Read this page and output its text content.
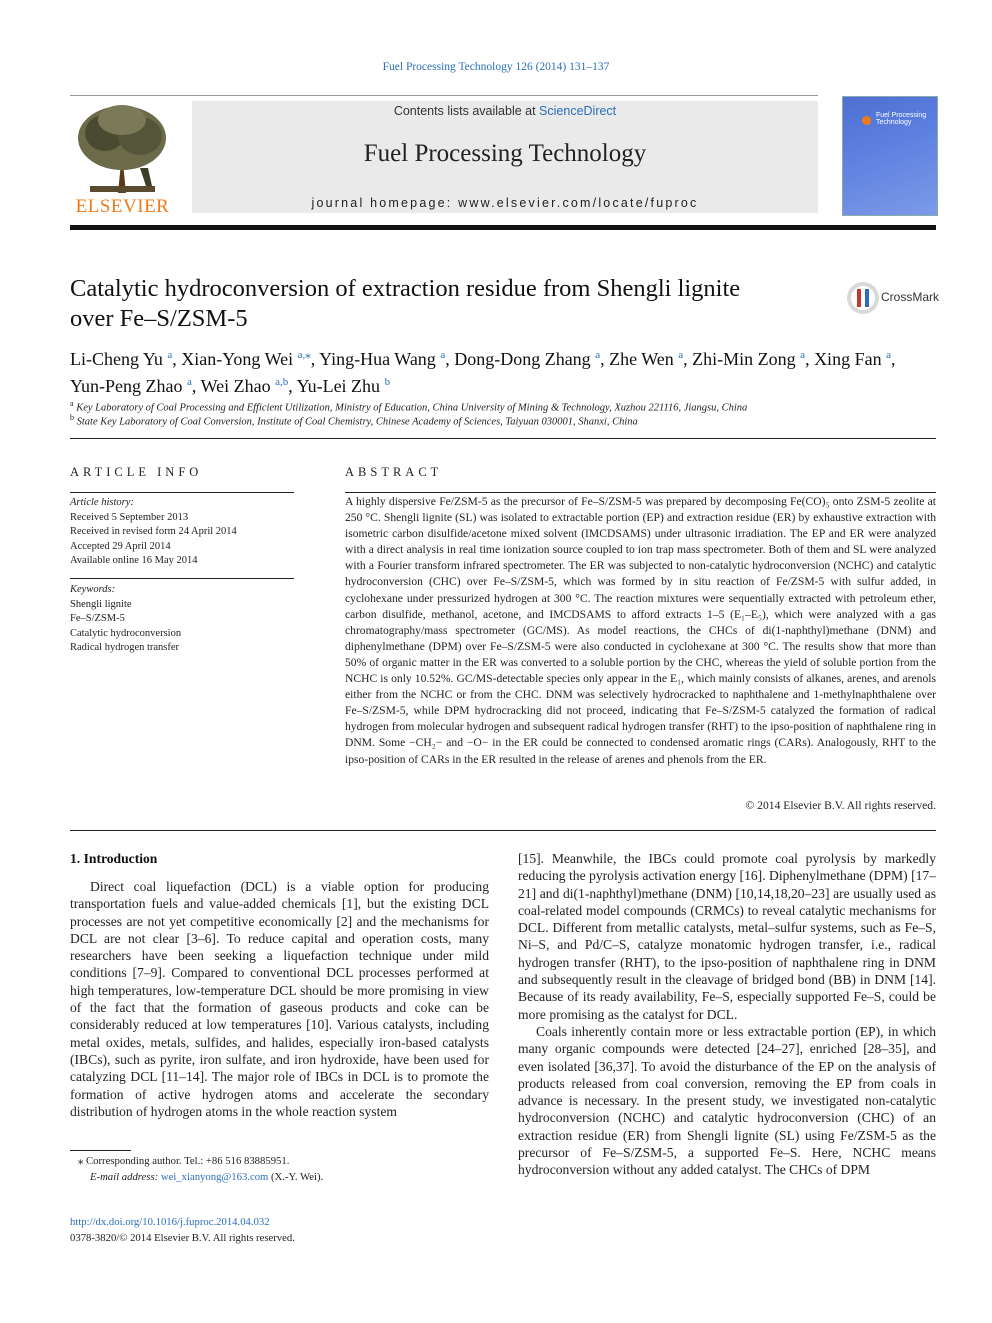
Fuel Processing Technology 126 (2014) 131–137
ELSEVIER
Contents lists available at ScienceDirect
Fuel Processing Technology
journal homepage: www.elsevier.com/locate/fuproc
Fuel Processing Technology
Catalytic hydroconversion of extraction residue from Shengli lignite
over Fe–S/ZSM-5
CrossMark
Li-Cheng Yu $^a$, Xian-Yong Wei $^{a,⁎}$, Ying-Hua Wang $^a$, Dong-Dong Zhang $^a$, Zhe Wen $^a$, Zhi-Min Zong $^a$, Xing Fan $^a$,
Yun-Peng Zhao $^a$, Wei Zhao $^{a,b}$, Yu-Lei Zhu $^b$
$^a$ Key Laboratory of Coal Processing and Efficient Utilization, Ministry of Education, China University of Mining & Technology, Xuzhou 221116, Jiangsu, China
$^b$ State Key Laboratory of Coal Conversion, Institute of Coal Chemistry, Chinese Academy of Sciences, Taiyuan 030001, Shanxi, China
ARTICLE INFO
Article history:
Received 5 September 2013
Received in revised form 24 April 2014
Accepted 29 April 2014
Available online 16 May 2014
Keywords:
Shengli lignite
Fe–S/ZSM-5
Catalytic hydroconversion
Radical hydrogen transfer
ABSTRACT
A highly dispersive Fe/ZSM-5 as the precursor of Fe–S/ZSM-5 was prepared by decomposing Fe(CO)₅ onto ZSM-5 zeolite at 250 °C. Shengli lignite (SL) was isolated to extractable portion (EP) and extraction residue (ER) by exhaustive extraction with isometric carbon disulfide/acetone mixed solvent (IMCDSAMS) under ultrasonic irradiation. The EP and ER were analyzed with a direct analysis in real time ionization source coupled to ion trap mass spectrometer. Both of them and SL were analyzed with a Fourier transform infrared spectrometer. The ER was subjected to non-catalytic hydroconversion (NCHC) and catalytic hydroconversion (CHC) over Fe–S/ZSM-5, which was formed by in situ reaction of Fe/ZSM-5 with sulfur added, in cyclohexane under pressurized hydrogen at 300 °C. The reaction mixtures were sequentially extracted with petroleum ether, carbon disulfide, methanol, acetone, and IMCDSAMS to afford extracts 1–5 (E₁–E₅), which were analyzed with a gas chromatography/mass spectrometer (GC/MS). As model reactions, the CHCs of di(1-naphthyl)methane (DNM) and diphenylmethane (DPM) over Fe–S/ZSM-5 were also conducted in cyclohexane at 300 °C. The results show that more than 50% of organic matter in the ER was converted to a soluble portion by the CHC, whereas the yield of soluble portion from the NCHC is only 10.52%. GC/MS-detectable species only appear in the E₁, which mainly consists of alkanes, arenes, and arenols either from the NCHC or from the CHC. DNM was selectively hydrocracked to naphthalene and 1-methylnaphthalene over Fe–S/ZSM-5, while DPM hydrocracking did not proceed, indicating that Fe–S/ZSM-5 catalyzed the formation of radical hydrogen from molecular hydrogen and subsequent radical hydrogen transfer (RHT) to the ipso-position of naphthalene ring in DNM. Some −CH₂− and −O− in the ER could be connected to condensed aromatic rings (CARs). Analogously, RHT to the ipso-position of CARs in the ER resulted in the release of arenes and phenols from the ER.
© 2014 Elsevier B.V. All rights reserved.
1. Introduction
Direct coal liquefaction (DCL) is a viable option for producing transportation fuels and value-added chemicals [1], but the existing DCL processes are not yet competitive economically [2] and the mechanisms for DCL are not clear [3–6]. To reduce capital and operation costs, many researchers have been seeking a liquefaction technique under mild conditions [7–9]. Compared to conventional DCL processes performed at high temperatures, low-temperature DCL should be more promising in view of the fact that the formation of gaseous products and coke can be considerably reduced at low temperatures [10]. Various catalysts, including metal oxides, metals, sulfides, and halides, especially iron-based catalysts (IBCs), such as pyrite, iron sulfate, and iron hydroxide, have been used for catalyzing DCL [11–14]. The major role of IBCs in DCL is to promote the formation of active hydrogen atoms and accelerate the secondary distribution of hydrogen atoms in the whole reaction system
[15]. Meanwhile, the IBCs could promote coal pyrolysis by markedly reducing the pyrolysis activation energy [16]. Diphenylmethane (DPM) [17–21] and di(1-naphthyl)methane (DNM) [10,14,18,20–23] are usually used as coal-related model compounds (CRMCs) to reveal catalytic mechanisms for DCL. Different from metallic catalysts, metal–sulfur systems, such as Fe–S, Ni–S, and Pd/C–S, catalyze monatomic hydrogen transfer, i.e., radical hydrogen transfer (RHT), to the ipso-position of naphthalene ring in DNM and subsequently result in the cleavage of bridged bond (BB) in DNM [14]. Because of its ready availability, Fe–S, especially supported Fe–S, could be more promising as the catalyst for DCL.
Coals inherently contain more or less extractable portion (EP), in which many organic compounds were detected [24–27], enriched [28–35], and even isolated [36,37]. To avoid the disturbance of the EP on the analysis of products released from coal conversion, removing the EP from coals in advance is necessary. In the present study, we investigated non-catalytic hydroconversion (NCHC) and catalytic hydroconversion (CHC) of an extraction residue (ER) from Shengli lignite (SL) using Fe/ZSM-5 as the precursor of Fe–S/ZSM-5, a supported Fe–S. Here, NCHC means hydroconversion without any added catalyst. The CHCs of DPM
⁎ Corresponding author. Tel.: +86 516 83885951.
E-mail address: wei_xianyong@163.com (X.-Y. Wei).
http://dx.doi.org/10.1016/j.fuproc.2014.04.032
0378-3820/© 2014 Elsevier B.V. All rights reserved.
